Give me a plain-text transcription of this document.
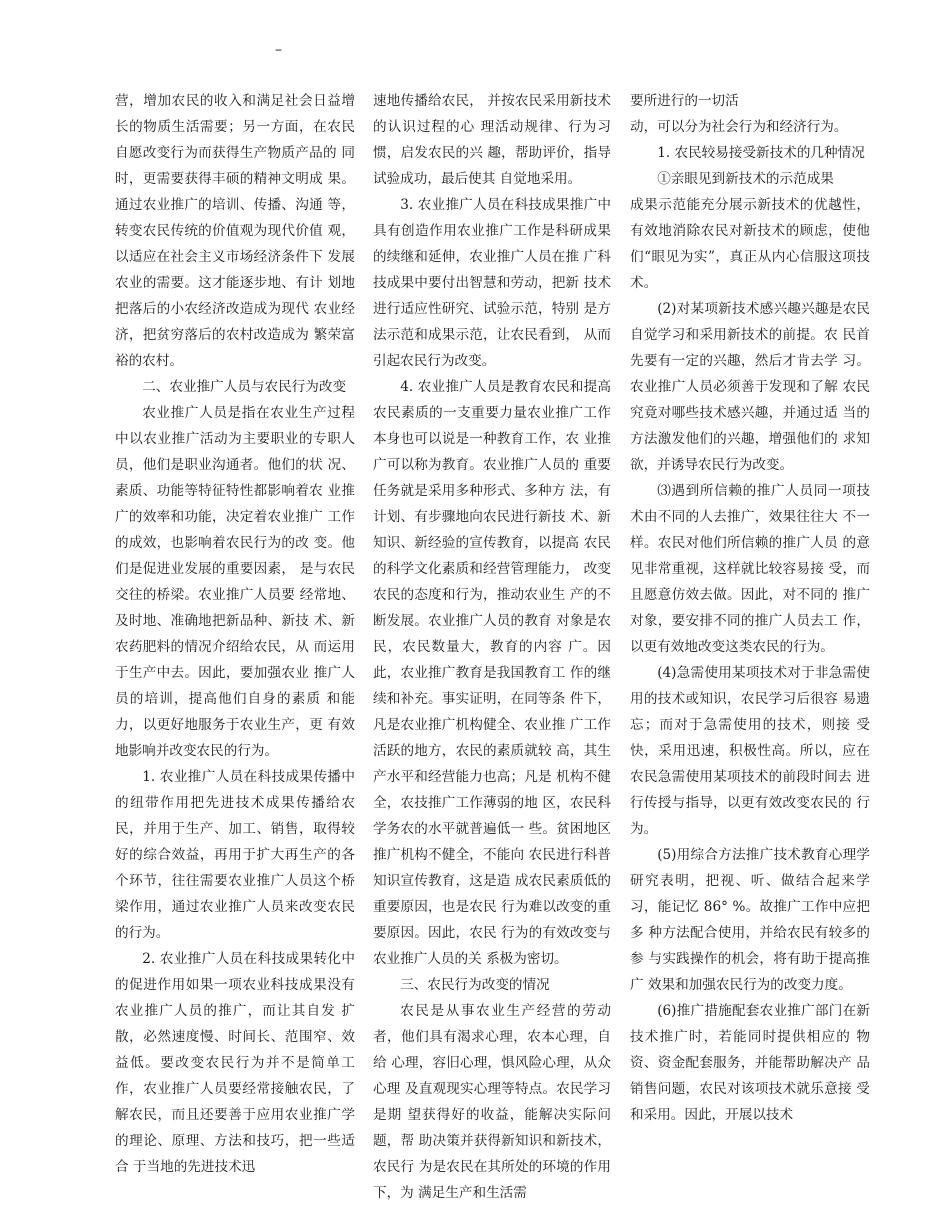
–

营，增加农民的收入和满足社会日益增 长的物质生活需要；另一方面，在农民 自愿改变行为而获得生产物质产品的 同时，更需要获得丰硕的精神文明成 果。通过农业推广的培训、传播、沟通 等，转变农民传统的价值观为现代价值 观，以适应在社会主义市场经济条件下 发展农业的需要。这才能逐步地、有计 划地把落后的小农经济改造成为现代 农业经济，把贫穷落后的农村改造成为 繁荣富裕的农村。

二、农业推广人员与农民行为改变

农业推广人员是指在农业生产过程中以农业推广活动为主要职业的专职人员，他们是职业沟通者。他们的状 况、素质、功能等特征特性都影响着农 业推广的效率和功能，决定着农业推广 工作的成效，也影响着农民行为的改 变。他们是促进业发展的重要因素， 是与农民交往的桥梁。农业推广人员要 经常地、及时地、准确地把新品种、新技 术、新农药肥料的情况介绍给农民，从 而运用于生产中去。因此，要加强农业 推广人员的培训，提高他们自身的素质 和能力，以更好地服务于农业生产，更 有效地影响并改变农民的行为。

1. 农业推广人员在科技成果传播中 的纽带作用把先进技术成果传播给农民，并用于生产、加工、销售，取得较 好的综合效益，再用于扩大再生产的各 个环节，往往需要农业推广人员这个桥 梁作用，通过农业推广人员来改变农民 的行为。

2. 农业推广人员在科技成果转化中 的促进作用如果一项农业科技成果没有农业推广人员的推广，而让其自发 扩散，必然速度慢、时间长、范围窄、效 益低。要改变农民行为并不是简单工 作，农业推广人员要经常接触农民，了 解农民，而且还要善于应用农业推广学 的理论、原理、方法和技巧，把一些适合 于当地的先进技术迅

速地传播给农民， 并按农民采用新技术的认识过程的心 理活动规律、行为习惯，启发农民的兴 趣，帮助评价，指导试验成功，最后使其 自觉地采用。

3. 农业推广人员在科技成果推广中 具有创造作用农业推广工作是科研成果的续继和延伸，农业推广人员在推 广科技成果中要付出智慧和劳动，把新 技术进行适应性研究、试验示范，特别 是方法示范和成果示范，让农民看到， 从而引起农民行为改变。

4. 农业推广人员是教育农民和提高 农民素质的一支重要力量农业推广工作本身也可以说是一种教育工作，农 业推广可以称为教育。农业推广人员的 重要任务就是采用多种形式、多种方 法，有计划、有步骤地向农民进行新技 术、新知识、新经验的宣传教育，以提高 农民的科学文化素质和经营管理能力， 改变农民的态度和行为，推动农业生 产的不断发展。农业推广人员的教育 对象是农民，农民数量大，教育的内容 广。因此，农业推广教育是我国教育工 作的继续和补充。事实证明，在同等条 件下，凡是农业推广机构健全、农业推 广工作活跃的地方，农民的素质就较 高，其生产水平和经营能力也高；凡是 机构不健全，农技推广工作薄弱的地 区，农民科学务农的水平就普遍低一 些。贫困地区推广机构不健全，不能向 农民进行科普知识宣传教育，这是造 成农民素质低的重要原因，也是农民 行为难以改变的重要原因。因此，农民 行为的有效改变与农业推广人员的关 系极为密切。

三、农民行为改变的情况

农民是从事农业生产经营的劳动者，他们具有渴求心理，农本心理，自给 心理，容旧心理，惧风险心理，从众心理 及直观现实心理等特点。农民学习是期 望获得好的收益，能解决实际问题，帮 助决策并获得新知识和新技术，农民行 为是农民在其所处的环境的作用下，为 满足生产和生活需

要所进行的一切活

动，可以分为社会行为和经济行为。

1. 农民较易接受新技术的几种情况

①亲眼见到新技术的示范成果

成果示范能充分展示新技术的优越性， 有效地消除农民对新技术的顾虑，使他 们“眼见为实”，真正从内心信服这项技 术。

(2)对某项新技术感兴趣兴趣是农民自觉学习和采用新技术的前提。农 民首先要有一定的兴趣，然后才肯去学 习。农业推广人员必须善于发现和了解 农民究竟对哪些技术感兴趣，并通过适 当的方法激发他们的兴趣，增强他们的 求知欲，并诱导农民行为改变。

⑶遇到所信赖的推广人员同一项技术由不同的人去推广，效果往往大 不一样。农民对他们所信赖的推广人员 的意见非常重视，这样就比较容易接 受，而且愿意仿效去做。因此，对不同的 推广对象，要安排不同的推广人员去工 作，以更有效地改变这类农民的行为。

(4)急需使用某项技术对于非急需使用的技术或知识，农民学习后很容 易遗忘；而对于急需使用的技术，则接 受快，采用迅速，积极性高。所以，应在 农民急需使用某项技术的前段时间去 进行传授与指导，以更有效改变农民的 行为。

(5)用综合方法推广技术教育心理学研究表明，把视、听、做结合起来学习，能记忆 86° %。故推广工作中应把多 种方法配合使用，并给农民有较多的参 与实践操作的机会，将有助于提高推广 效果和加强农民行为的改变力度。

(6)推广措施配套农业推广部门在新技术推广时，若能同时提供相应的 物资、资金配套服务，并能帮助解决产 品销售问题，农民对该项技术就乐意接 受和采用。因此，开展以技术
